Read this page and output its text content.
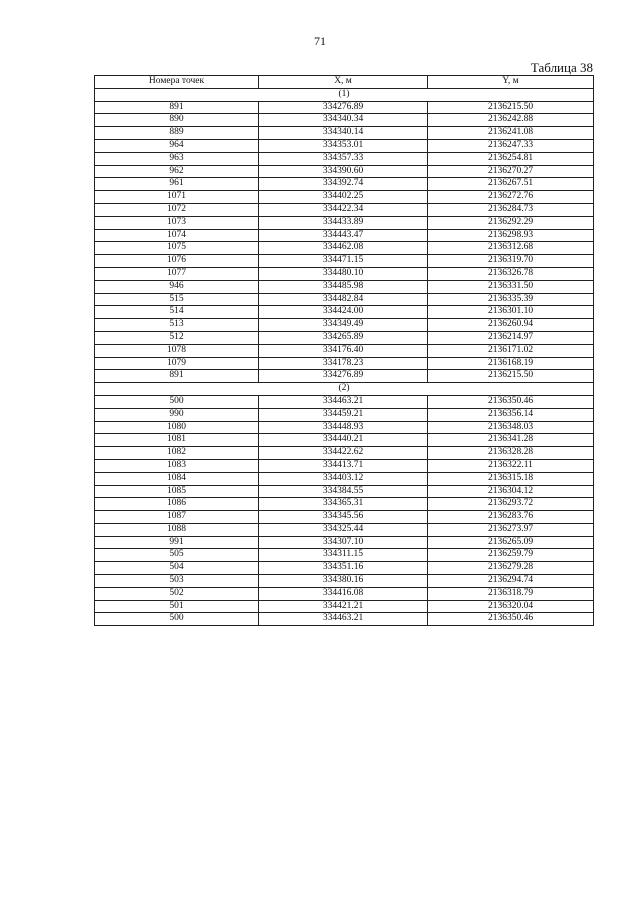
71
Таблица 38
Номера точек	X, м	Y, м
(1)		
891	334276.89	2136215.50
890	334340.34	2136242.88
889	334340.14	2136241.08
964	334353.01	2136247.33
963	334357.33	2136254.81
962	334390.60	2136270.27
961	334392.74	2136267.51
1071	334402.25	2136272.76
1072	334422.34	2136284.73
1073	334433.89	2136292.29
1074	334443.47	2136298.93
1075	334462.08	2136312.68
1076	334471.15	2136319.70
1077	334480.10	2136326.78
946	334485.98	2136331.50
515	334482.84	2136335.39
514	334424.00	2136301.10
513	334349.49	2136260.94
512	334265.89	2136214.97
1078	334176.40	2136171.02
1079	334178.23	2136168.19
891	334276.89	2136215.50
(2)		
500	334463.21	2136350.46
990	334459.21	2136356.14
1080	334448.93	2136348.03
1081	334440.21	2136341.28
1082	334422.62	2136328.28
1083	334413.71	2136322.11
1084	334403.12	2136315.18
1085	334384.55	2136304.12
1086	334365.31	2136293.72
1087	334345.56	2136283.76
1088	334325.44	2136273.97
991	334307.10	2136265.09
505	334311.15	2136259.79
504	334351.16	2136279.28
503	334380.16	2136294.74
502	334416.08	2136318.79
501	334421.21	2136320.04
500	334463.21	2136350.46
